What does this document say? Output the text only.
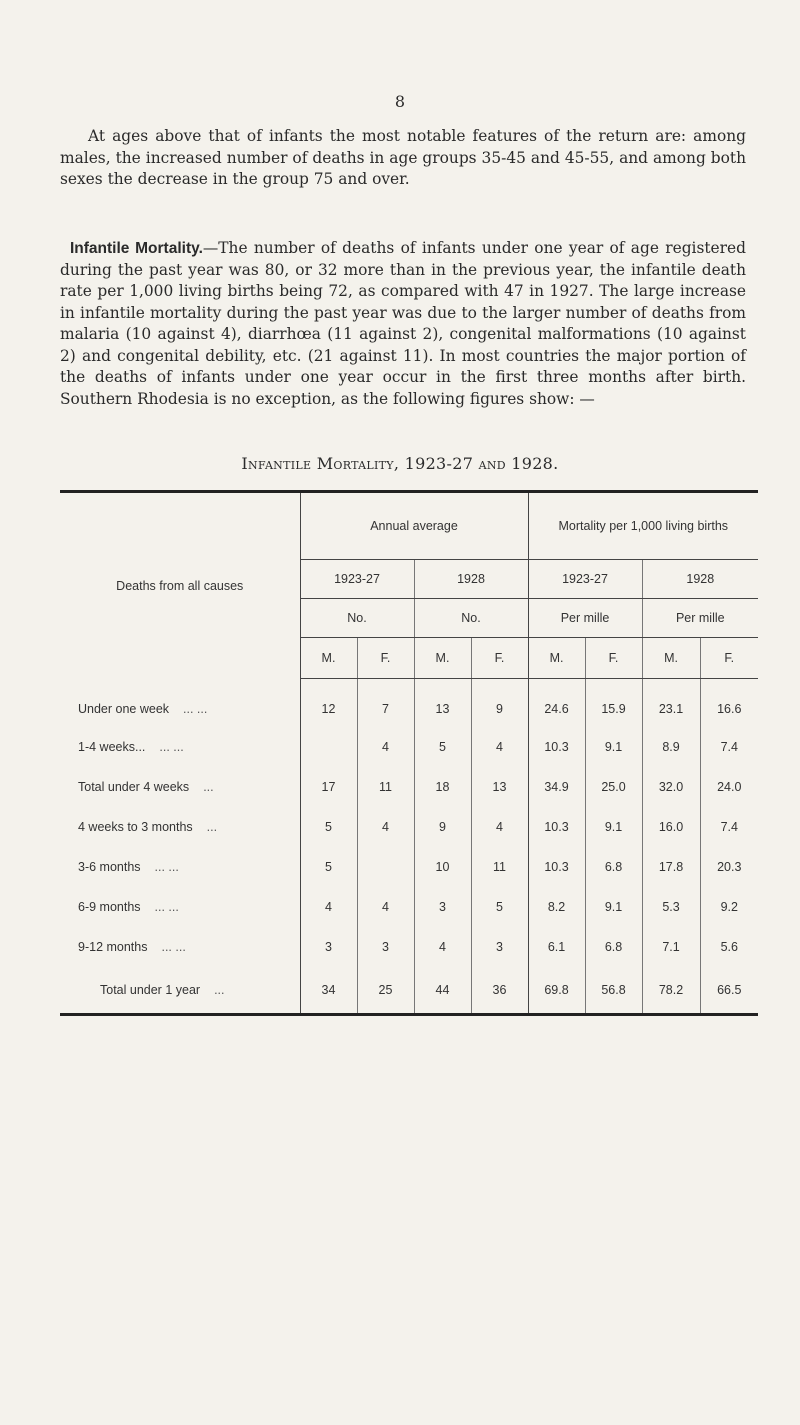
8

At ages above that of infants the most notable features of the return are: among males, the increased number of deaths in age groups 35-45 and 45-55, and among both sexes the decrease in the group 75 and over.

Infantile Mortality.—The number of deaths of infants under one year of age registered during the past year was 80, or 32 more than in the previous year, the infantile death rate per 1,000 living births being 72, as compared with 47 in 1927. The large increase in infantile mortality during the past year was due to the larger number of deaths from malaria (10 against 4), diarrhœa (11 against 2), congenital malformations (10 against 2) and congenital debility, etc. (21 against 11). In most countries the major portion of the deaths of infants under one year occur in the first three months after birth. Southern Rhodesia is no exception, as the following figures show: —

Infantile Mortality, 1923-27 and 1928.
Deaths from all causes	Annual average				Mortality per 1,000 living births			
	1923-27		1928		1923-27		1928	
	No.		No.		Per mille		Per mille	
	M.	F.	M.	F.	M.	F.	M.	F.
Under one week ... ...	12	7	13	9	24.6	15.9	23.1	16.6
1-4 weeks... ... ...		4	5	4	10.3	9.1	8.9	7.4
Total under 4 weeks ...	17	11	18	13	34.9	25.0	32.0	24.0
4 weeks to 3 months ...	5	4	9	4	10.3	9.1	16.0	7.4
3-6 months ... ...	5		10	11	10.3	6.8	17.8	20.3
6-9 months ... ...	4	4	3	5	8.2	9.1	5.3	9.2
9-12 months ... ...	3	3	4	3	6.1	6.8	7.1	5.6
Total under 1 year ...	34	25	44	36	69.8	56.8	78.2	66.5
